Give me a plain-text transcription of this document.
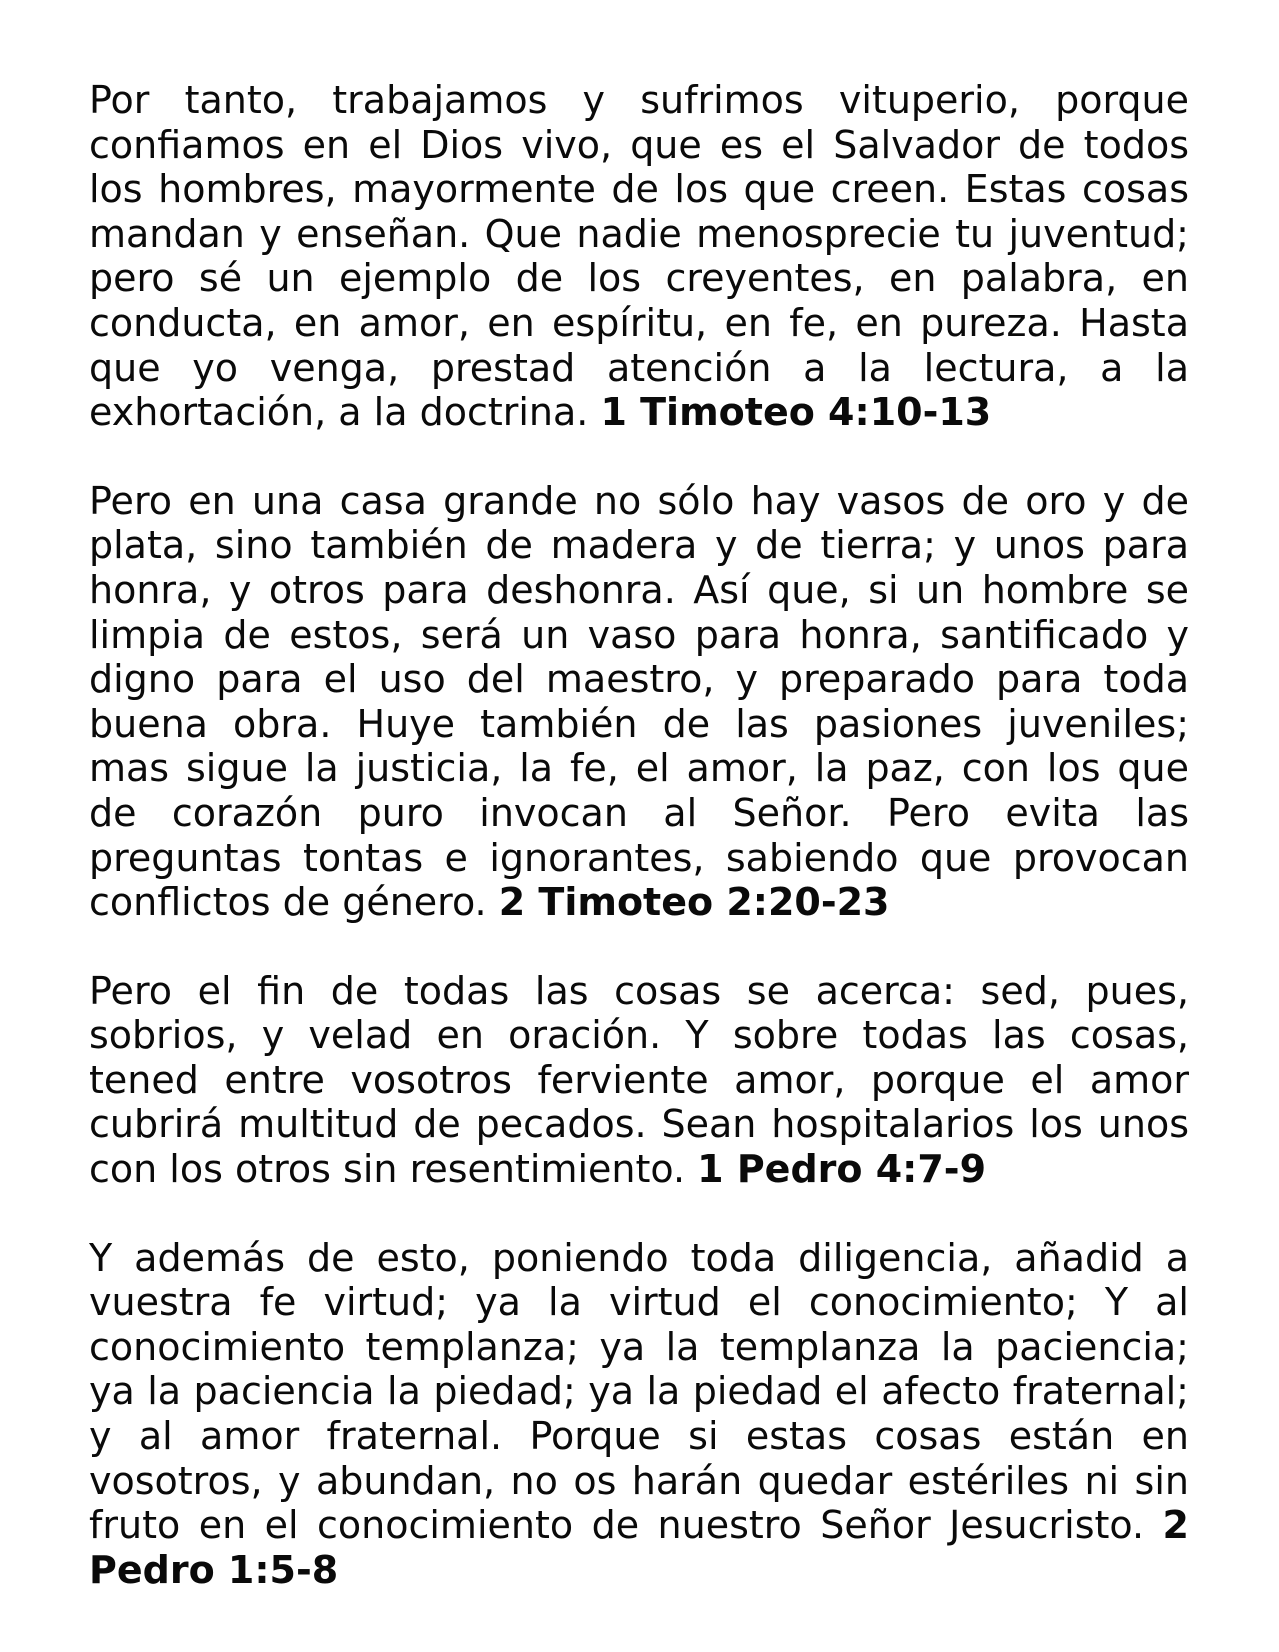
Por tanto, trabajamos y sufrimos vituperio, porque confiamos en el Dios vivo, que es el Salvador de todos los hombres, mayormente de los que creen. Estas cosas mandan y enseñan. Que nadie menosprecie tu juventud; pero sé un ejemplo de los creyentes, en palabra, en conducta, en amor, en espíritu, en fe, en pureza. Hasta que yo venga, prestad atención a la lectura, a la exhortación, a la doctrina. 1 Timoteo 4:10-13

Pero en una casa grande no sólo hay vasos de oro y de plata, sino también de madera y de tierra; y unos para honra, y otros para deshonra. Así que, si un hombre se limpia de estos, será un vaso para honra, santificado y digno para el uso del maestro, y preparado para toda buena obra. Huye también de las pasiones juveniles; mas sigue la justicia, la fe, el amor, la paz, con los que de corazón puro invocan al Señor. Pero evita las preguntas tontas e ignorantes, sabiendo que provocan conflictos de género. 2 Timoteo 2:20-23

Pero el fin de todas las cosas se acerca: sed, pues, sobrios, y velad en oración. Y sobre todas las cosas, tened entre vosotros ferviente amor, porque el amor cubrirá multitud de pecados. Sean hospitalarios los unos con los otros sin resentimiento. 1 Pedro 4:7-9

Y además de esto, poniendo toda diligencia, añadid a vuestra fe virtud; ya la virtud el conocimiento; Y al conocimiento templanza; ya la templanza la paciencia; ya la paciencia la piedad; ya la piedad el afecto fraternal; y al amor fraternal. Porque si estas cosas están en vosotros, y abundan, no os harán quedar estériles ni sin fruto en el conocimiento de nuestro Señor Jesucristo. 2 Pedro 1:5-8
